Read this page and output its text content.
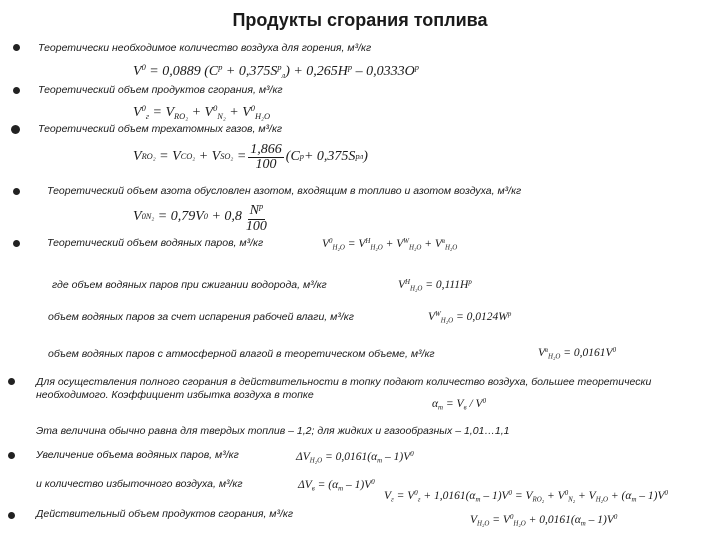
Продукты сгорания топлива
Теоретически необходимое количество воздуха для горения, м³/кг
$V^0 = 0,0889$ $(C^р + 0,375S^р_л) + 0,265H^р - 0,0333O^р$
Теоретический объем продуктов сгорания, м³/кг
$V^0_г = V_{RO_2} + V^0_{N_2} + V^0_{H_2O}$
Теоретический объем трехатомных газов, м³/кг
V RO₂ = V CO₂ + V $SO_2 = \frac{1,866}{100} (C$ р + 0,375S р л )
Теоретический объем азота обусловлен азотом, входящим в топливо и азотом воздуха, м³/кг
V 0 N₂ = 0,79V $0 + 0,8 \frac{N^р}{100}$
Теоретический объем водяных паров, м³/кг	$V^0_{H_2O} = V^H_{H_2O} + V^W_{H_2O} + V^в_{H_2O}$
где объем водяных паров при сжигании водорода, м³/кг	$V^H_{H_2O} = 0,111H^р$
объем водяных паров за счет испарения рабочей влаги, м³/кг	$V^W_{H_2O} = 0,0124W^р$
объем водяных паров с атмосферной влагой в теоретическом объеме, м³/кг	$V^в_{H_2O} = 0,0161V^0$
Для осуществления полного сгорания в действительности в топку подают количество воздуха, большее теоретически необходимого. Коэффициент избытка воздуха в топке
$\alpha_т = V_в / V^0$
Эта величина обычно равна для твердых топлив – 1,2; для жидких и газообразных – 1,01…1,1
Увеличение объема водяных паров, м³/кг	$\Delta V_{H_2O} = 0,0161(\alpha_т - 1)V^0$
и количество избыточного воздуха, м³/кг	$\Delta V_в = (\alpha_т - 1)V^0$
$V_г = V^0_г + 1,0161(\alpha_т - 1)V^0 = V_{RO_2} + V^0_{N_2} + V_{H_2O} + (\alpha_т - 1)V^0$
Действительный объем продуктов сгорания, м³/кг
$V_{H_2O} = V^0_{H_2O} + 0,0161(\alpha_т - 1)V^0$
